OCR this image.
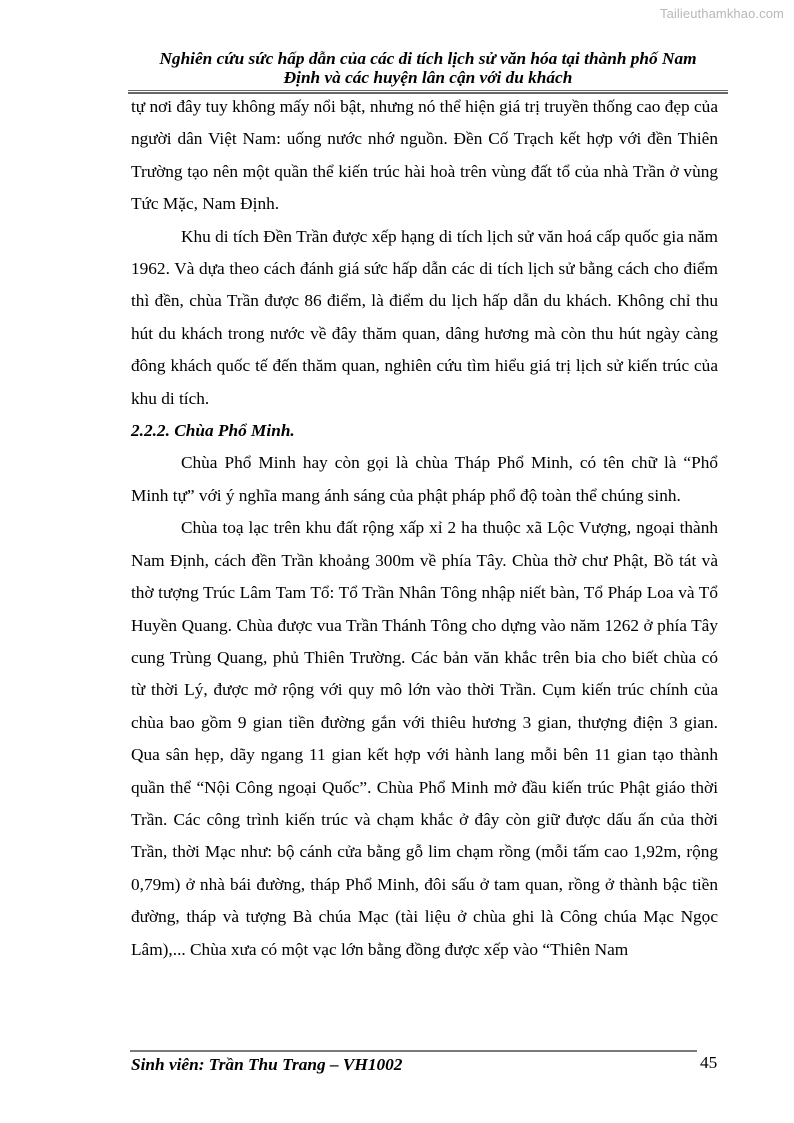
Tailieuthamkhao.com
Nghiên cứu sức hấp dẫn của các di tích lịch sử văn hóa tại thành phố Nam
Định và các huyện lân cận với du khách

tự nơi đây tuy không mấy nổi bật, nhưng nó thể hiện giá trị truyền thống cao đẹp của người dân Việt Nam: uống nước nhớ nguồn. Đền Cố Trạch kết hợp với đền Thiên Trường tạo nên một quần thể kiến trúc hài hoà trên vùng đất tổ của nhà Trần ở vùng Tức Mặc, Nam Định.

Khu di tích Đền Trần được xếp hạng di tích lịch sử văn hoá cấp quốc gia năm 1962. Và dựa theo cách đánh giá sức hấp dẫn các di tích lịch sử bằng cách cho điểm thì đền, chùa Trần được 86 điểm, là điểm du lịch hấp dẫn du khách. Không chỉ thu hút du khách trong nước về đây thăm quan, dâng hương mà còn thu hút ngày càng đông khách quốc tế đến thăm quan, nghiên cứu tìm hiểu giá trị lịch sử kiến trúc của khu di tích.

2.2.2. Chùa Phổ Minh.

Chùa Phổ Minh hay còn gọi là chùa Tháp Phổ Minh, có tên chữ là “Phổ Minh tự” với ý nghĩa mang ánh sáng của phật pháp phổ độ toàn thể chúng sinh.

Chùa toạ lạc trên khu đất rộng xấp xỉ 2 ha thuộc xã Lộc Vượng, ngoại thành Nam Định, cách đền Trần khoảng 300m về phía Tây. Chùa thờ chư Phật, Bồ tát và thờ tượng Trúc Lâm Tam Tổ: Tổ Trần Nhân Tông nhập niết bàn, Tổ Pháp Loa và Tổ Huyền Quang. Chùa được vua Trần Thánh Tông cho dựng vào năm 1262 ở phía Tây cung Trùng Quang, phủ Thiên Trường. Các bản văn khắc trên bia cho biết chùa có từ thời Lý, được mở rộng với quy mô lớn vào thời Trần. Cụm kiến trúc chính của chùa bao gồm 9 gian tiền đường gắn với thiêu hương 3 gian, thượng điện 3 gian. Qua sân hẹp, dãy ngang 11 gian kết hợp với hành lang mỗi bên 11 gian tạo thành quần thể “Nội Công ngoại Quốc”. Chùa Phổ Minh mở đầu kiến trúc Phật giáo thời Trần. Các công trình kiến trúc và chạm khắc ở đây còn giữ được dấu ấn của thời Trần, thời Mạc như: bộ cánh cửa bằng gỗ lim chạm rồng (mỗi tấm cao 1,92m, rộng 0,79m) ở nhà bái đường, tháp Phổ Minh, đôi sấu ở tam quan, rồng ở thành bậc tiền đường, tháp và tượng Bà chúa Mạc (tài liệu ở chùa ghi là Công chúa Mạc Ngọc Lâm),... Chùa xưa có một vạc lớn bằng đồng được xếp vào “Thiên Nam

Sinh viên: Trần Thu Trang – VH1002	45
